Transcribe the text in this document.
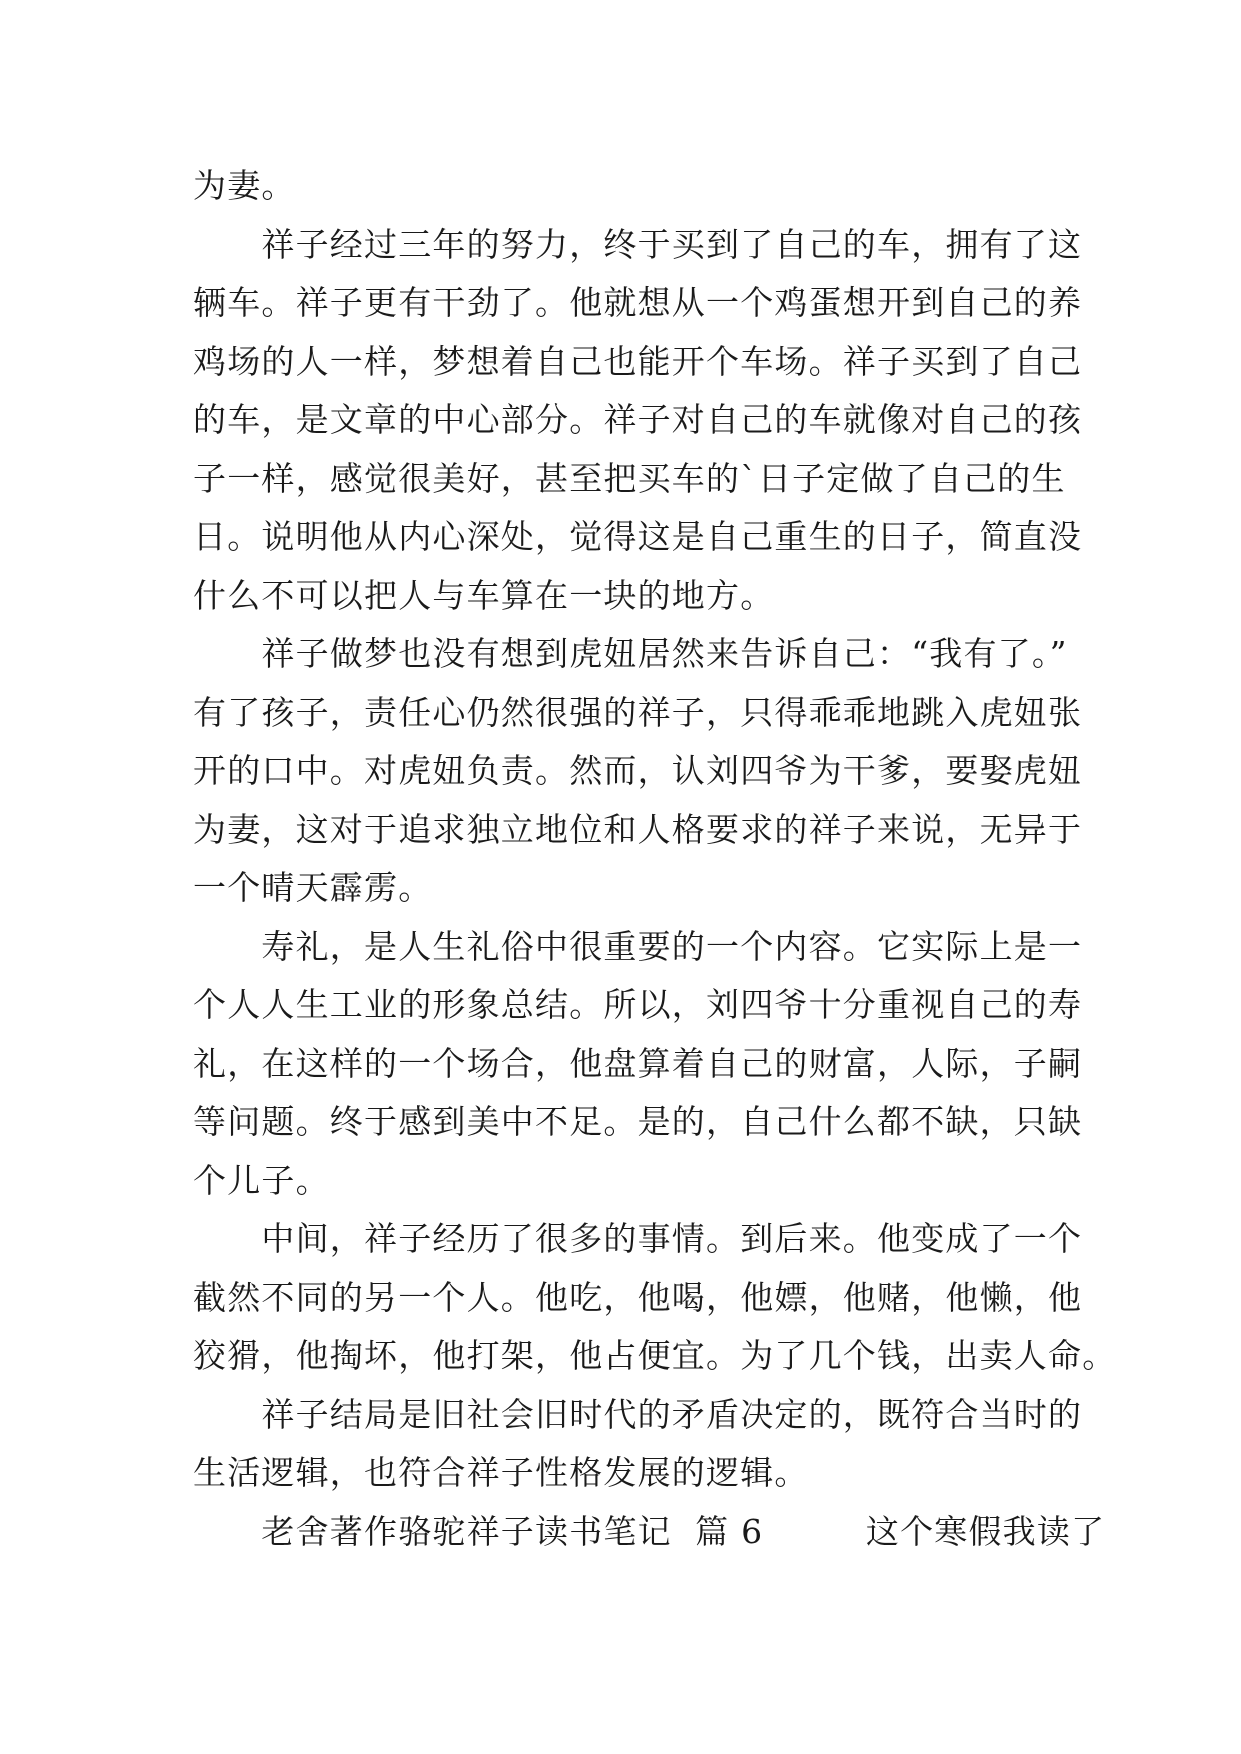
为妻。
　　祥子经过三年的努力，终于买到了自己的车，拥有了这
辆车。祥子更有干劲了。他就想从一个鸡蛋想开到自己的养
鸡场的人一样，梦想着自己也能开个车场。祥子买到了自己
的车，是文章的中心部分。祥子对自己的车就像对自己的孩
子一样，感觉很美好，甚至把买车的`日子定做了自己的生
日。说明他从内心深处，觉得这是自己重生的日子，简直没
什么不可以把人与车算在一块的地方。
　　祥子做梦也没有想到虎妞居然来告诉自己：“我有了。”
有了孩子，责任心仍然很强的祥子，只得乖乖地跳入虎妞张
开的口中。对虎妞负责。然而，认刘四爷为干爹，要娶虎妞
为妻，这对于追求独立地位和人格要求的祥子来说，无异于
一个晴天霹雳。
　　寿礼，是人生礼俗中很重要的一个内容。它实际上是一
个人人生工业的形象总结。所以，刘四爷十分重视自己的寿
礼，在这样的一个场合，他盘算着自己的财富，人际，子嗣
等问题。终于感到美中不足。是的，自己什么都不缺，只缺
个儿子。
　　中间，祥子经历了很多的事情。到后来。他变成了一个
截然不同的另一个人。他吃，他喝，他嫖，他赌，他懒，他
狡猾，他掏坏，他打架，他占便宜。为了几个钱，出卖人命。
　　祥子结局是旧社会旧时代的矛盾决定的，既符合当时的
生活逻辑，也符合祥子性格发展的逻辑。
　　老舍著作骆驼祥子读书笔记  篇 6　　　这个寒假我读了
